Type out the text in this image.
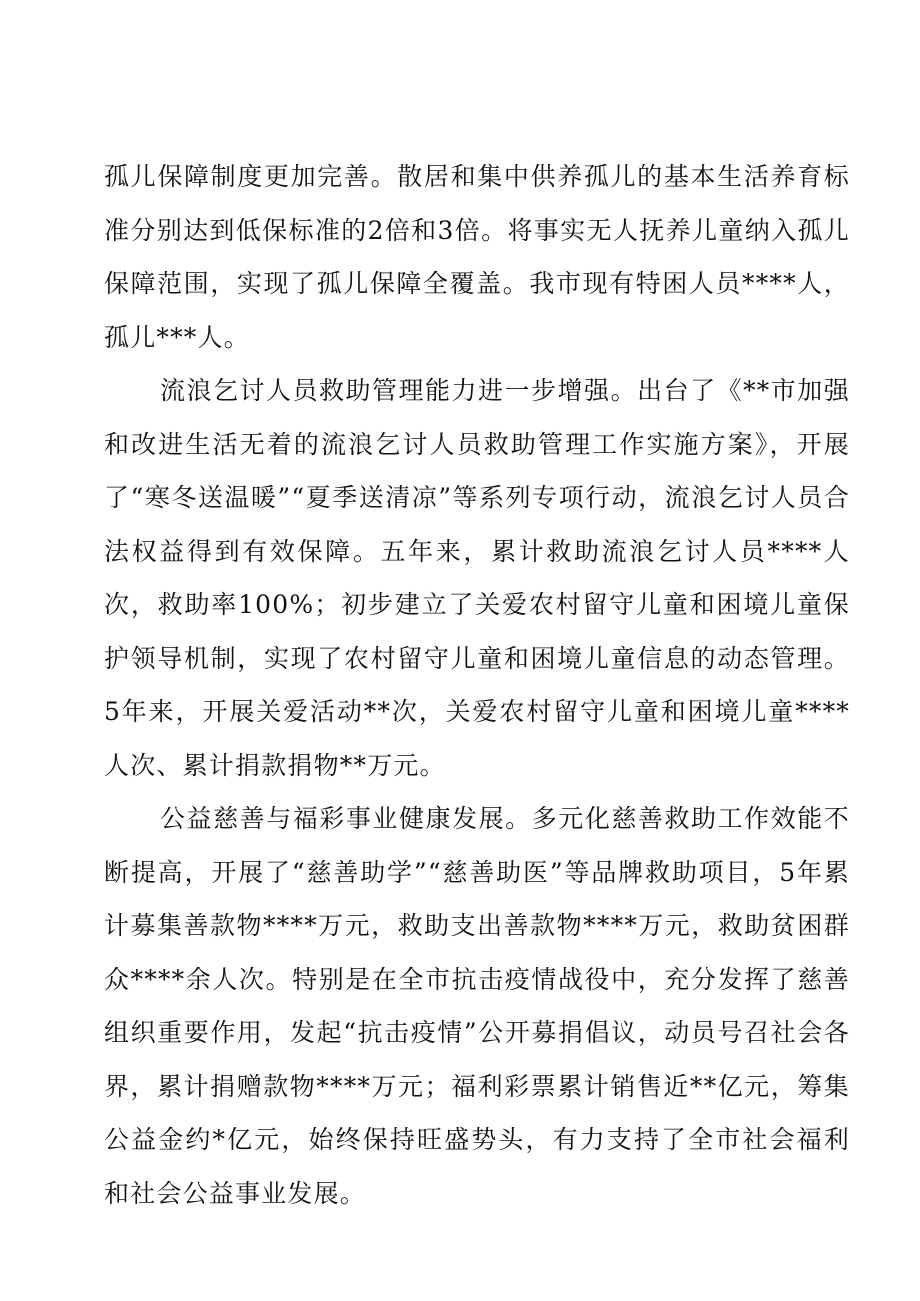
孤儿保障制度更加完善。散居和集中供养孤儿的基本生活养育标准分别达到低保标准的2倍和3倍。将事实无人抚养儿童纳入孤儿保障范围，实现了孤儿保障全覆盖。我市现有特困人员****人，孤儿***人。

流浪乞讨人员救助管理能力进一步增强。出台了《**市加强和改进生活无着的流浪乞讨人员救助管理工作实施方案》，开展了“寒冬送温暖”“夏季送清凉”等系列专项行动，流浪乞讨人员合法权益得到有效保障。五年来，累计救助流浪乞讨人员****人次，救助率100%；初步建立了关爱农村留守儿童和困境儿童保护领导机制，实现了农村留守儿童和困境儿童信息的动态管理。5年来，开展关爱活动**次，关爱农村留守儿童和困境儿童****人次、累计捐款捐物**万元。

公益慈善与福彩事业健康发展。多元化慈善救助工作效能不断提高，开展了“慈善助学”“慈善助医”等品牌救助项目，5年累计募集善款物****万元，救助支出善款物****万元，救助贫困群众****余人次。特别是在全市抗击疫情战役中，充分发挥了慈善组织重要作用，发起“抗击疫情”公开募捐倡议，动员号召社会各界，累计捐赠款物****万元；福利彩票累计销售近**亿元，筹集公益金约*亿元，始终保持旺盛势头，有力支持了全市社会福利和社会公益事业发展。
